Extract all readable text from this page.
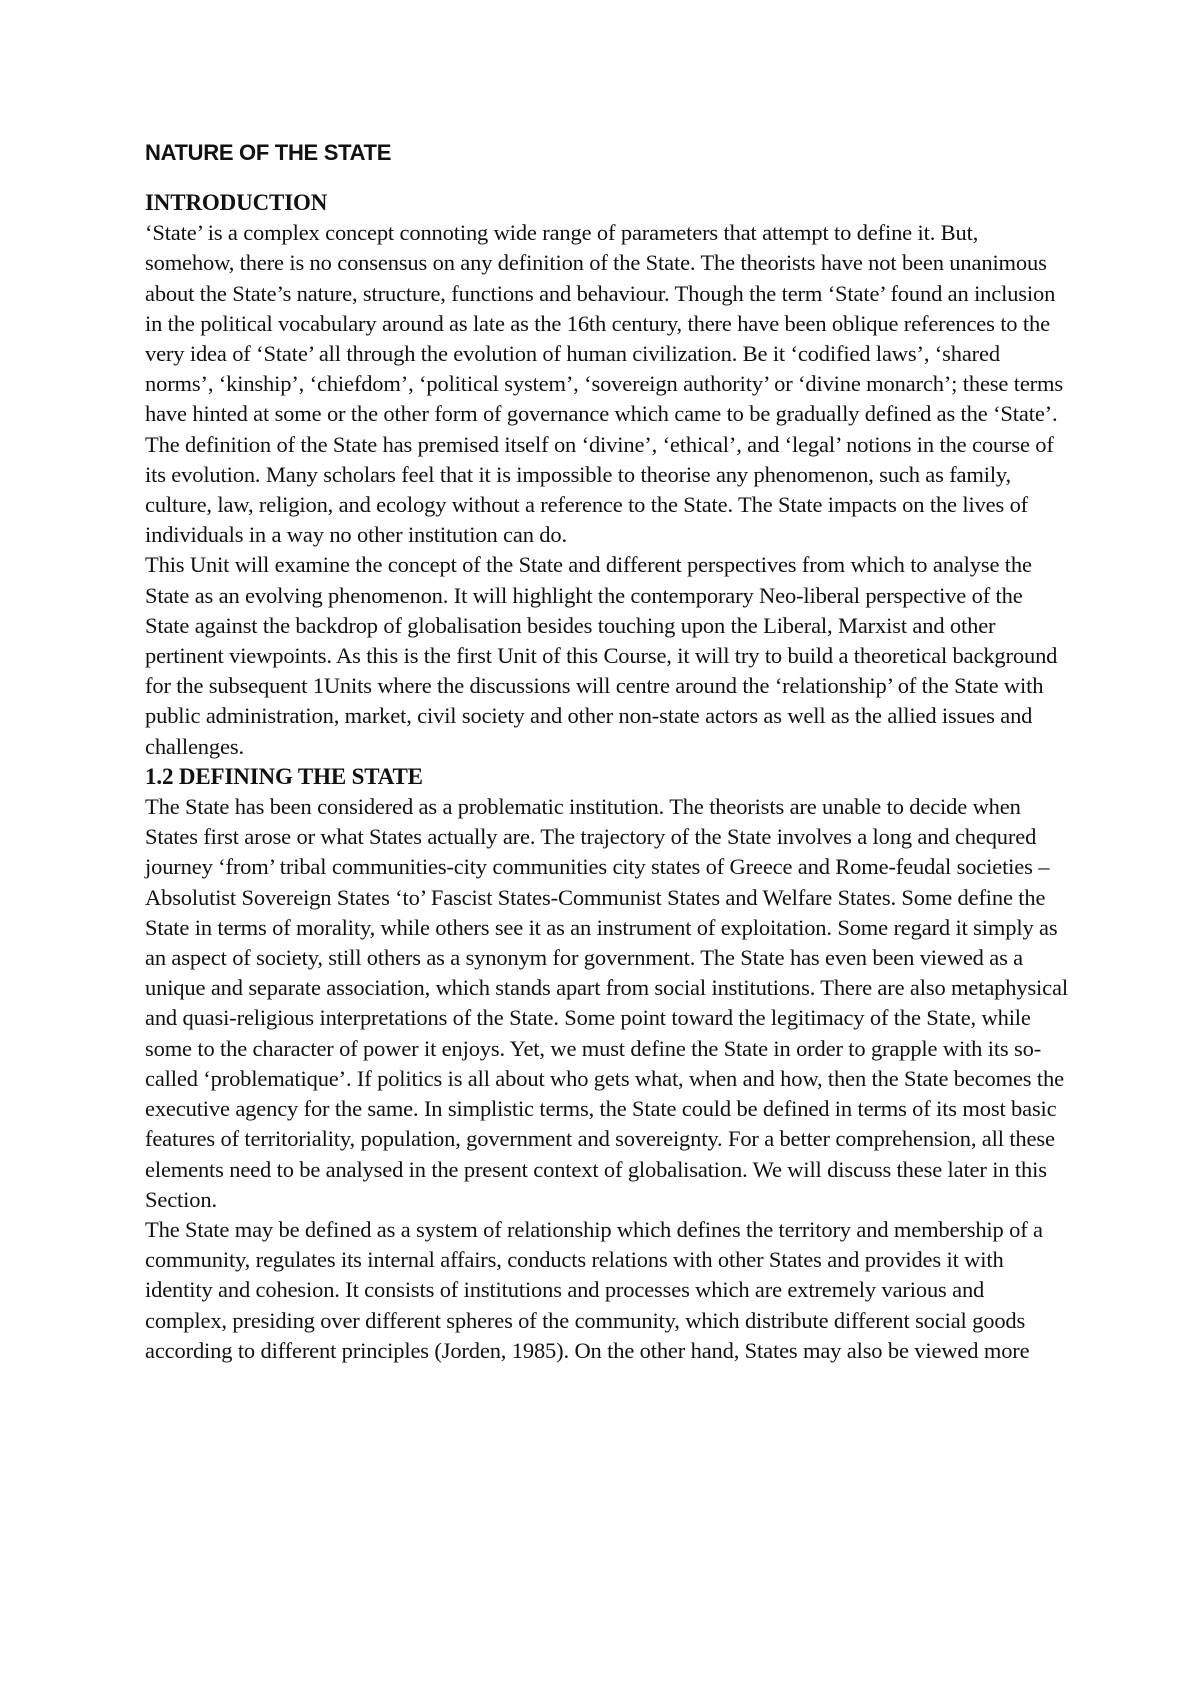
NATURE OF THE STATE
INTRODUCTION

‘State’ is a complex concept connoting wide range of parameters that attempt to define it. But, somehow, there is no consensus on any definition of the State. The theorists have not been unanimous about the State’s nature, structure, functions and behaviour. Though the term ‘State’ found an inclusion in the political vocabulary around as late as the 16th century, there have been oblique references to the very idea of ‘State’ all through the evolution of human civilization. Be it ‘codified laws’, ‘shared norms’, ‘kinship’, ‘chiefdom’, ‘political system’, ‘sovereign authority’ or ‘divine monarch’; these terms have hinted at some or the other form of governance which came to be gradually defined as the ‘State’. The definition of the State has premised itself on ‘divine’, ‘ethical’, and ‘legal’ notions in the course of its evolution. Many scholars feel that it is impossible to theorise any phenomenon, such as family, culture, law, religion, and ecology without a reference to the State. The State impacts on the lives of individuals in a way no other institution can do.

This Unit will examine the concept of the State and different perspectives from which to analyse the State as an evolving phenomenon. It will highlight the contemporary Neo-liberal perspective of the State against the backdrop of globalisation besides touching upon the Liberal, Marxist and other pertinent viewpoints. As this is the first Unit of this Course, it will try to build a theoretical background for the subsequent 1Units where the discussions will centre around the ‘relationship’ of the State with public administration, market, civil society and other non-state actors as well as the allied issues and challenges.

1.2 DEFINING THE STATE

The State has been considered as a problematic institution. The theorists are unable to decide when States first arose or what States actually are. The trajectory of the State involves a long and chequred journey ‘from’ tribal communities-city communities city states of Greece and Rome-feudal societies – Absolutist Sovereign States ‘to’ Fascist States-Communist States and Welfare States. Some define the State in terms of morality, while others see it as an instrument of exploitation. Some regard it simply as an aspect of society, still others as a synonym for government. The State has even been viewed as a unique and separate association, which stands apart from social institutions. There are also metaphysical and quasi-religious interpretations of the State. Some point toward the legitimacy of the State, while some to the character of power it enjoys. Yet, we must define the State in order to grapple with its so-called ‘problematique’. If politics is all about who gets what, when and how, then the State becomes the executive agency for the same. In simplistic terms, the State could be defined in terms of its most basic features of territoriality, population, government and sovereignty. For a better comprehension, all these elements need to be analysed in the present context of globalisation. We will discuss these later in this Section.

The State may be defined as a system of relationship which defines the territory and membership of a community, regulates its internal affairs, conducts relations with other States and provides it with identity and cohesion. It consists of institutions and processes which are extremely various and complex, presiding over different spheres of the community, which distribute different social goods according to different principles (Jorden, 1985). On the other hand, States may also be viewed more
